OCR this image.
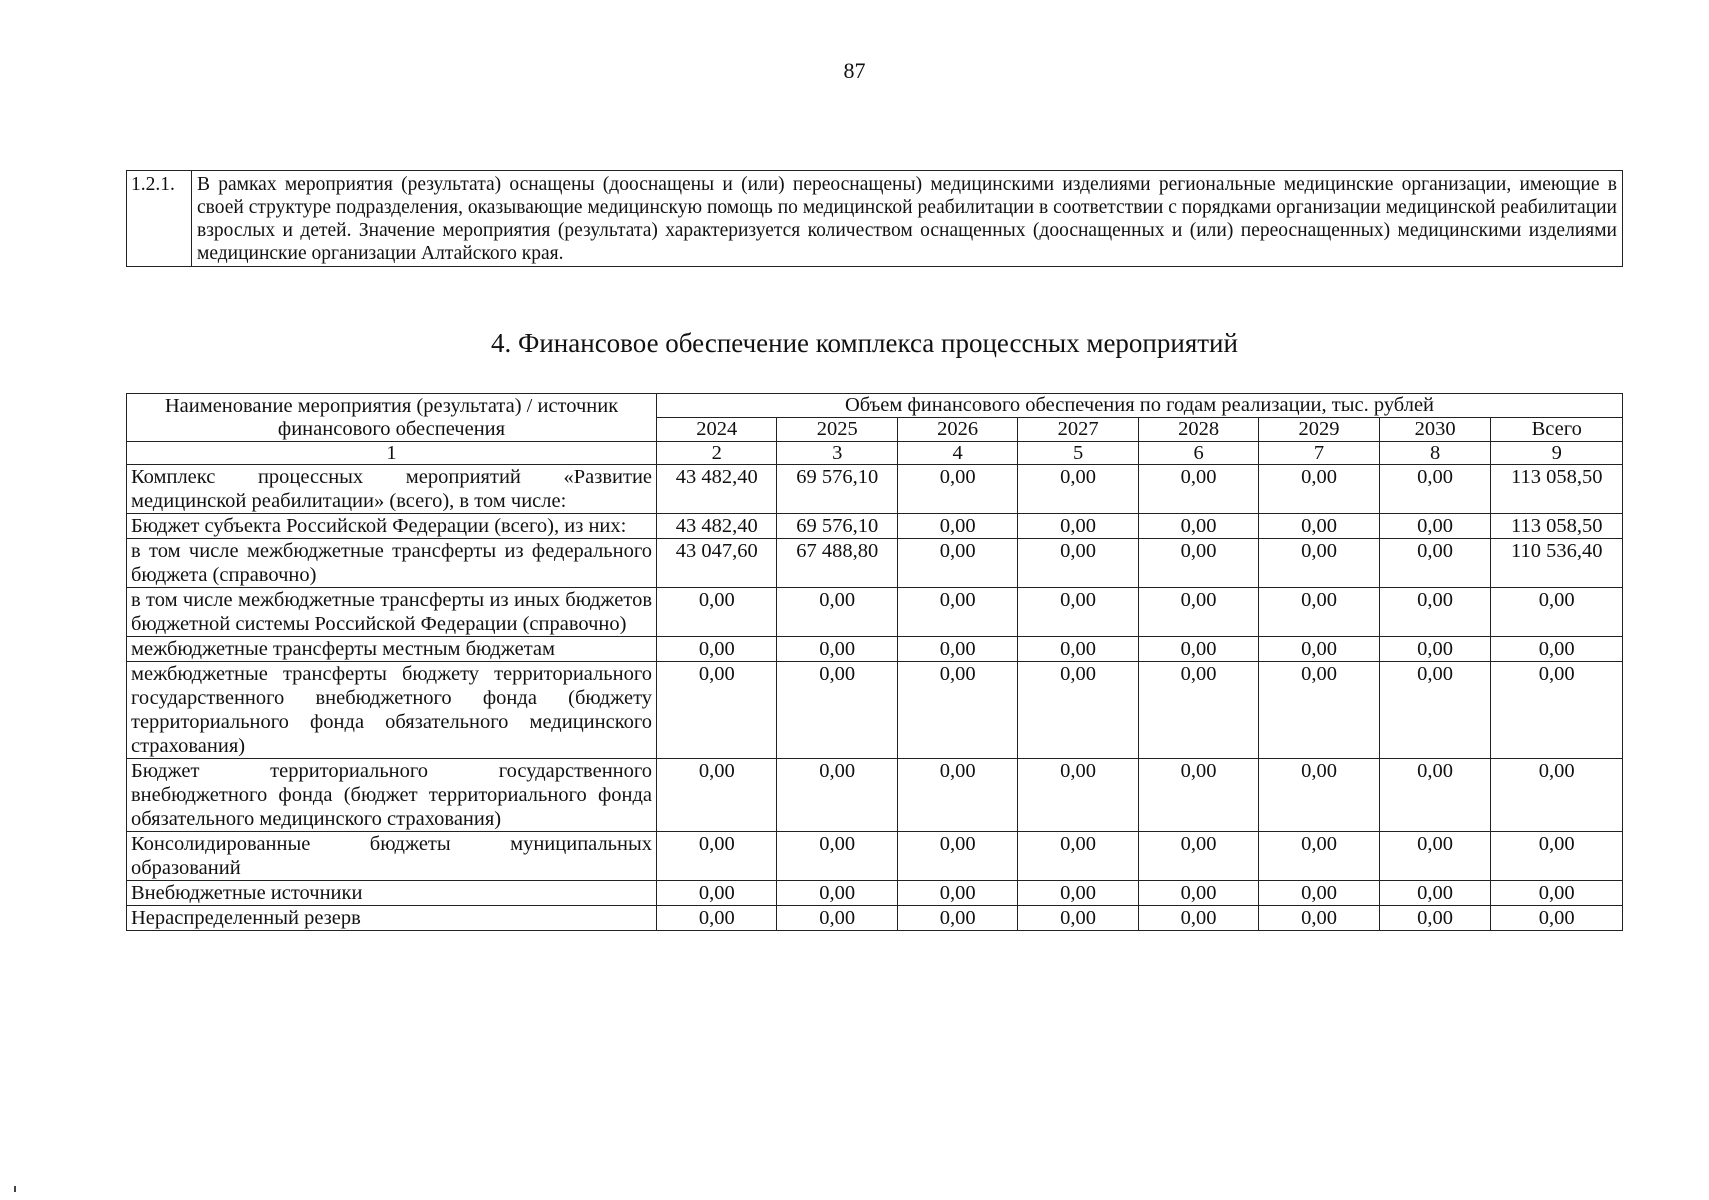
87
1.2.1.	В рамках мероприятия (результата) оснащены (дооснащены и (или) переоснащены) медицинскими изделиями региональные медицинские организации, имеющие в своей структуре подразделения, оказывающие медицинскую помощь по медицинской реабилитации в соответствии с порядками организации медицинской реабилитации взрослых и детей. Значение мероприятия (результата) характеризуется количеством оснащенных (дооснащенных и (или) переоснащенных) медицинскими изделиями медицинские организации Алтайского края.
4. Финансовое обеспечение комплекса процессных мероприятий
Наименование мероприятия (результата) / источник финансового обеспечения	Объем финансового обеспечения по годам реализации, тыс. рублей							
	2024	2025	2026	2027	2028	2029	2030	Всего
1	2	3	4	5	6	7	8	9
Комплекс процессных мероприятий «Развитие медицинской реабилитации» (всего), в том числе:	43 482,40	69 576,10	0,00	0,00	0,00	0,00	0,00	113 058,50
Бюджет субъекта Российской Федерации (всего), из них:	43 482,40	69 576,10	0,00	0,00	0,00	0,00	0,00	113 058,50
в том числе межбюджетные трансферты из федерального бюджета (справочно)	43 047,60	67 488,80	0,00	0,00	0,00	0,00	0,00	110 536,40
в том числе межбюджетные трансферты из иных бюджетов бюджетной системы Российской Федерации (справочно)	0,00	0,00	0,00	0,00	0,00	0,00	0,00	0,00
межбюджетные трансферты местным бюджетам	0,00	0,00	0,00	0,00	0,00	0,00	0,00	0,00
межбюджетные трансферты бюджету территориального государственного внебюджетного фонда (бюджету территориального фонда обязательного медицинского страхования)	0,00	0,00	0,00	0,00	0,00	0,00	0,00	0,00
Бюджет территориального государственного внебюджетного фонда (бюджет территориального фонда обязательного медицинского страхования)	0,00	0,00	0,00	0,00	0,00	0,00	0,00	0,00
Консолидированные бюджеты муниципальных образований	0,00	0,00	0,00	0,00	0,00	0,00	0,00	0,00
Внебюджетные источники	0,00	0,00	0,00	0,00	0,00	0,00	0,00	0,00
Нераспределенный резерв	0,00	0,00	0,00	0,00	0,00	0,00	0,00	0,00
